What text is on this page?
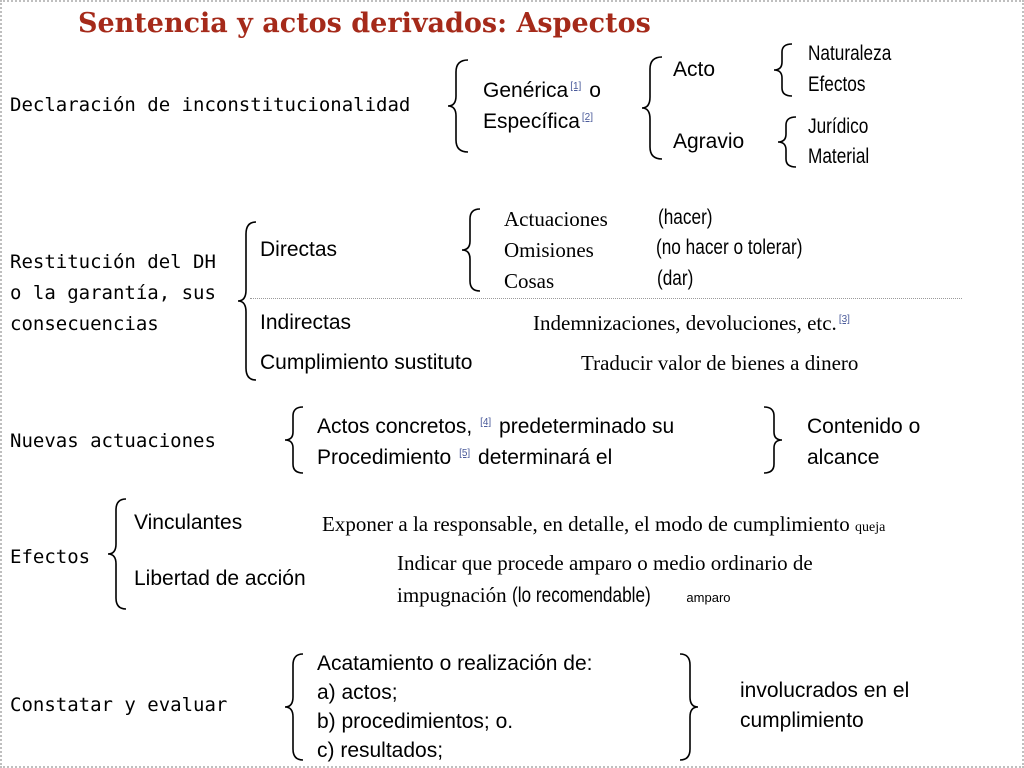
Sentencia y actos derivados: Aspectos
Declaración de inconstitucionalidad
Genérica [1] o
Específica [2]
Acto
Agravio
Naturaleza
Efectos
Jurídico
Material
Restitución del DH
o la garantía, sus
consecuencias
Directas
Actuaciones (hacer)
Omisiones	(no hacer o tolerar)
Cosas	(dar)
Indirectas	Indemnizaciones, devoluciones, etc. [3]
Cumplimiento sustituto	Traducir valor de bienes a dinero
Nuevas actuaciones
Actos concretos, [4] predeterminado su
Procedimiento [5] determinará el
Contenido o
alcance
Efectos
Vinculantes	Exponer a la responsable, en detalle, el modo de cumplimiento queja
Libertad de acción
Indicar que procede amparo o medio ordinario de
impugnación (lo recomendable)	amparo
Constatar y evaluar
Acatamiento o realización de:
a) actos;
b) procedimientos; o.
c) resultados;
involucrados en el
cumplimiento
